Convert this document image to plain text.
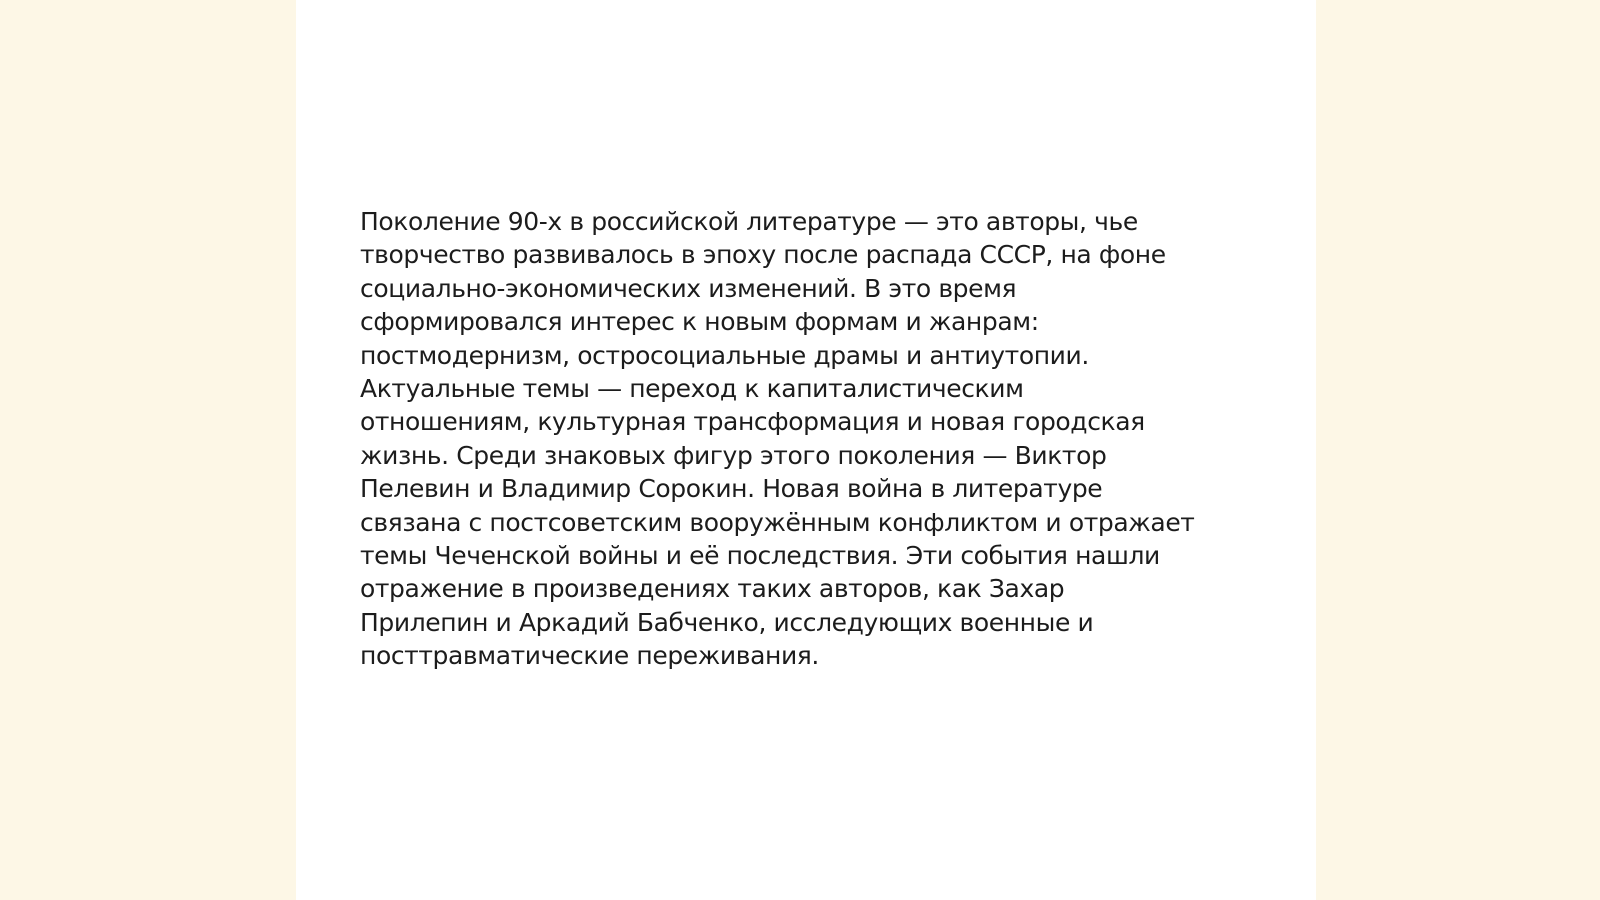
Поколение 90-х в российской литературе — это авторы, чье
творчество развивалось в эпоху после распада СССР, на фоне
социально-экономических изменений. В это время
сформировался интерес к новым формам и жанрам:
постмодернизм, остросоциальные драмы и антиутопии.
Актуальные темы — переход к капиталистическим
отношениям, культурная трансформация и новая городская
жизнь. Среди знаковых фигур этого поколения — Виктор
Пелевин и Владимир Сорокин. Новая война в литературе
связана с постсоветским вооружённым конфликтом и отражает
темы Чеченской войны и её последствия. Эти события нашли
отражение в произведениях таких авторов, как Захар
Прилепин и Аркадий Бабченко, исследующих военные и
посттравматические переживания.
